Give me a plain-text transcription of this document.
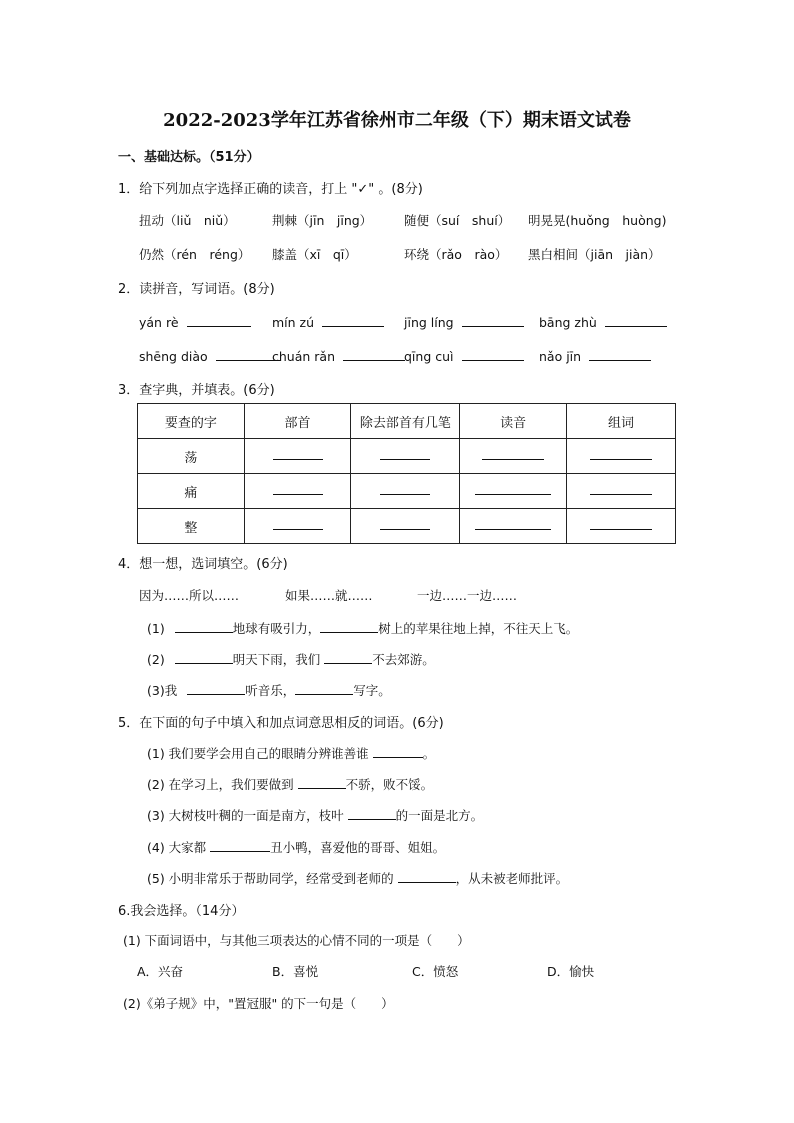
2022-2023学年江苏省徐州市二年级（下）期末语文试卷
一、基础达标。（51分）
1．给下列加点字选择正确的读音，打上 "✓" 。(8分)
扭动（liǔ　niǔ）	荆棘（jīn　jīng）	随便（suí　shuí） 明晃晃(huǒng　huòng)
仍然（rén　réng） 膝盖（xī　qī）	环绕（rǎo　rào） 黑白相间（jiān　jiàn）
2．读拼音，写词语。(8分)
yán rè	mín zú	jīng líng	bāng zhù
shēng diào	chuán rǎn	qīng cuì	nǎo jīn
3．查字典，并填表。(6分)
要查的字	部首	除去部首有几笔	读音	组词
荡				
痛				
整				
4．想一想，选词填空。(6分)
因为……所以……	如果……就……	一边……一边……
(1)	地球有吸引力，	树上的苹果往地上掉，不往天上飞。
(2)	明天下雨，我们	不去郊游。
(3)我	听音乐，	写字。
5．在下面的句子中填入和加点词意思相反的词语。(6分)
(1) 我们要学会用自己的眼睛分辨谁善谁	。
(2) 在学习上，我们要做到	不骄，败不馁。
(3) 大树枝叶稠的一面是南方，枝叶	的一面是北方。
(4) 大家都	丑小鸭，喜爱他的哥哥、姐姐。
(5) 小明非常乐于帮助同学，经常受到老师的	，从未被老师批评。
6.我会选择。（14分）
(1) 下面词语中，与其他三项表达的心情不同的一项是（　　）
A．兴奋	B．喜悦	C．愤怒	D．愉快
(2)《弟子规》中，"置冠服" 的下一句是（　　）
